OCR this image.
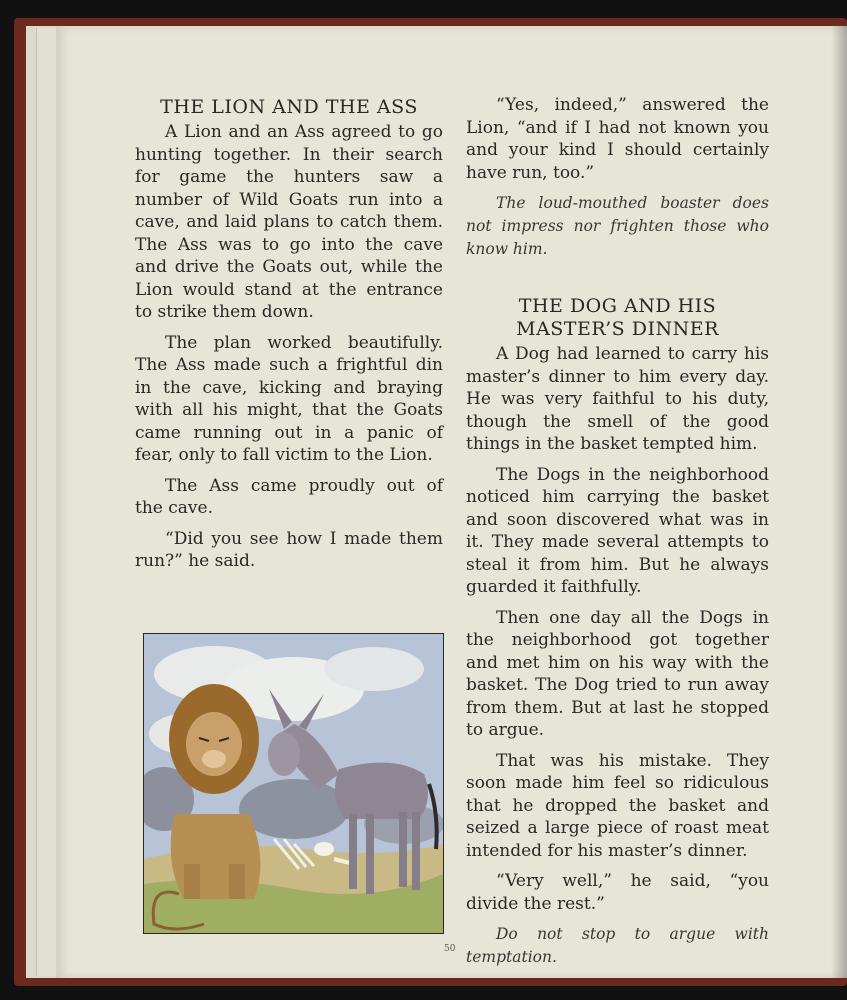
THE LION AND THE ASS

A Lion and an Ass agreed to go hunting together. In their search for game the hunters saw a number of Wild Goats run into a cave, and laid plans to catch them. The Ass was to go into the cave and drive the Goats out, while the Lion would stand at the entrance to strike them down.

The plan worked beautifully. The Ass made such a frightful din in the cave, kicking and braying with all his might, that the Goats came running out in a panic of fear, only to fall victim to the Lion.

The Ass came proudly out of the cave.

“Did you see how I made them run?” he said.

“Yes, indeed,” answered the Lion, “and if I had not known you and your kind I should certainly have run, too.”

The loud-mouthed boaster does not impress nor frighten those who know him.

THE DOG AND HIS
MASTER’S DINNER

A Dog had learned to carry his master’s dinner to him every day. He was very faithful to his duty, though the smell of the good things in the basket tempted him.

The Dogs in the neighborhood noticed him carrying the basket and soon discovered what was in it. They made several attempts to steal it from him. But he always guarded it faithfully.

Then one day all the Dogs in the neighborhood got together and met him on his way with the basket. The Dog tried to run away from them. But at last he stopped to argue.

That was his mistake. They soon made him feel so ridiculous that he dropped the basket and seized a large piece of roast meat intended for his master’s dinner.

“Very well,” he said, “you divide the rest.”

Do not stop to argue with temptation.

50
